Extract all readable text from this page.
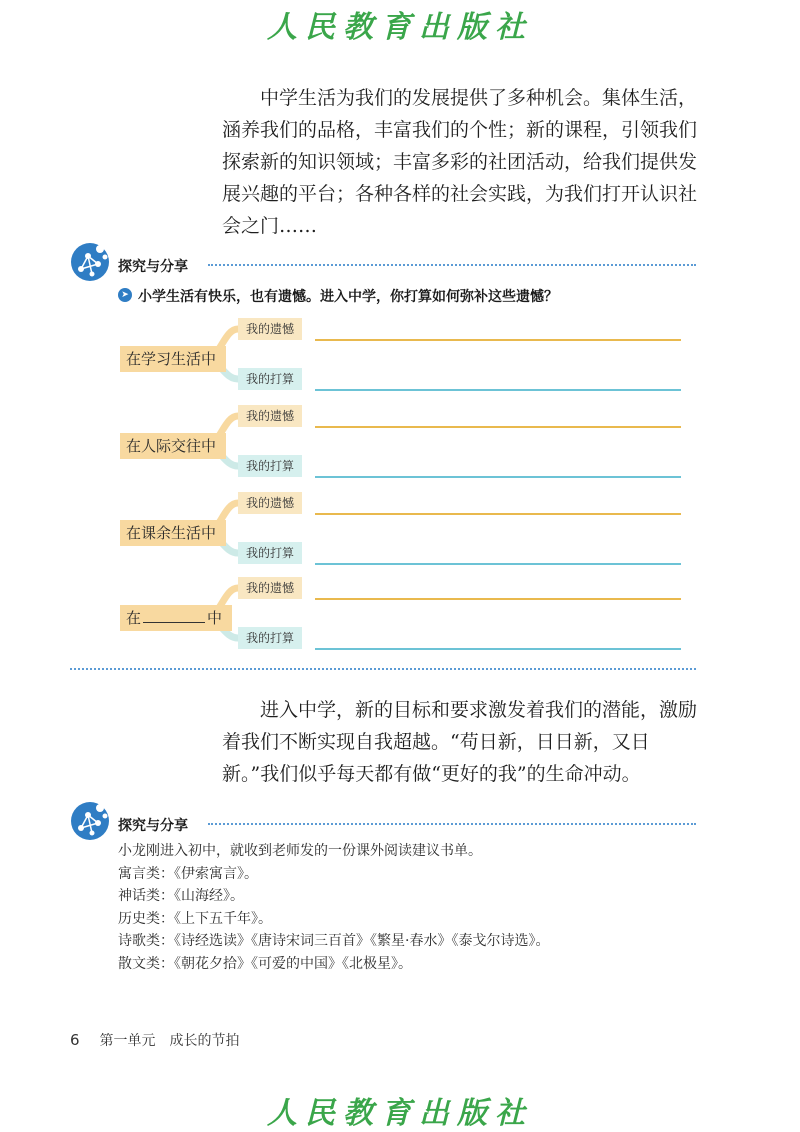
人民教育出版社

中学生活为我们的发展提供了多种机会。集体生活，涵养我们的品格，丰富我们的个性；新的课程，引领我们探索新的知识领域；丰富多彩的社团活动，给我们提供发展兴趣的平台；各种各样的社会实践，为我们打开认识社会之门……

探究与分享
➤ 小学生活有快乐，也有遗憾。进入中学，你打算如何弥补这些遗憾？
在学习生活中
我的遗憾
我的打算
在人际交往中
我的遗憾
我的打算
在课余生活中
我的遗憾
我的打算
在	中
我的遗憾
我的打算

进入中学，新的目标和要求激发着我们的潜能，激励着我们不断实现自我超越。“苟日新，日日新，又日新。”我们似乎每天都有做“更好的我”的生命冲动。

探究与分享
小龙刚进入初中，就收到老师发的一份课外阅读建议书单。
寓言类：《伊索寓言》。
神话类：《山海经》。
历史类：《上下五千年》。
诗歌类：《诗经选读》《唐诗宋词三百首》《繁星·春水》《泰戈尔诗选》。
散文类：《朝花夕拾》《可爱的中国》《北极星》。
6 第一单元　成长的节拍
人民教育出版社
